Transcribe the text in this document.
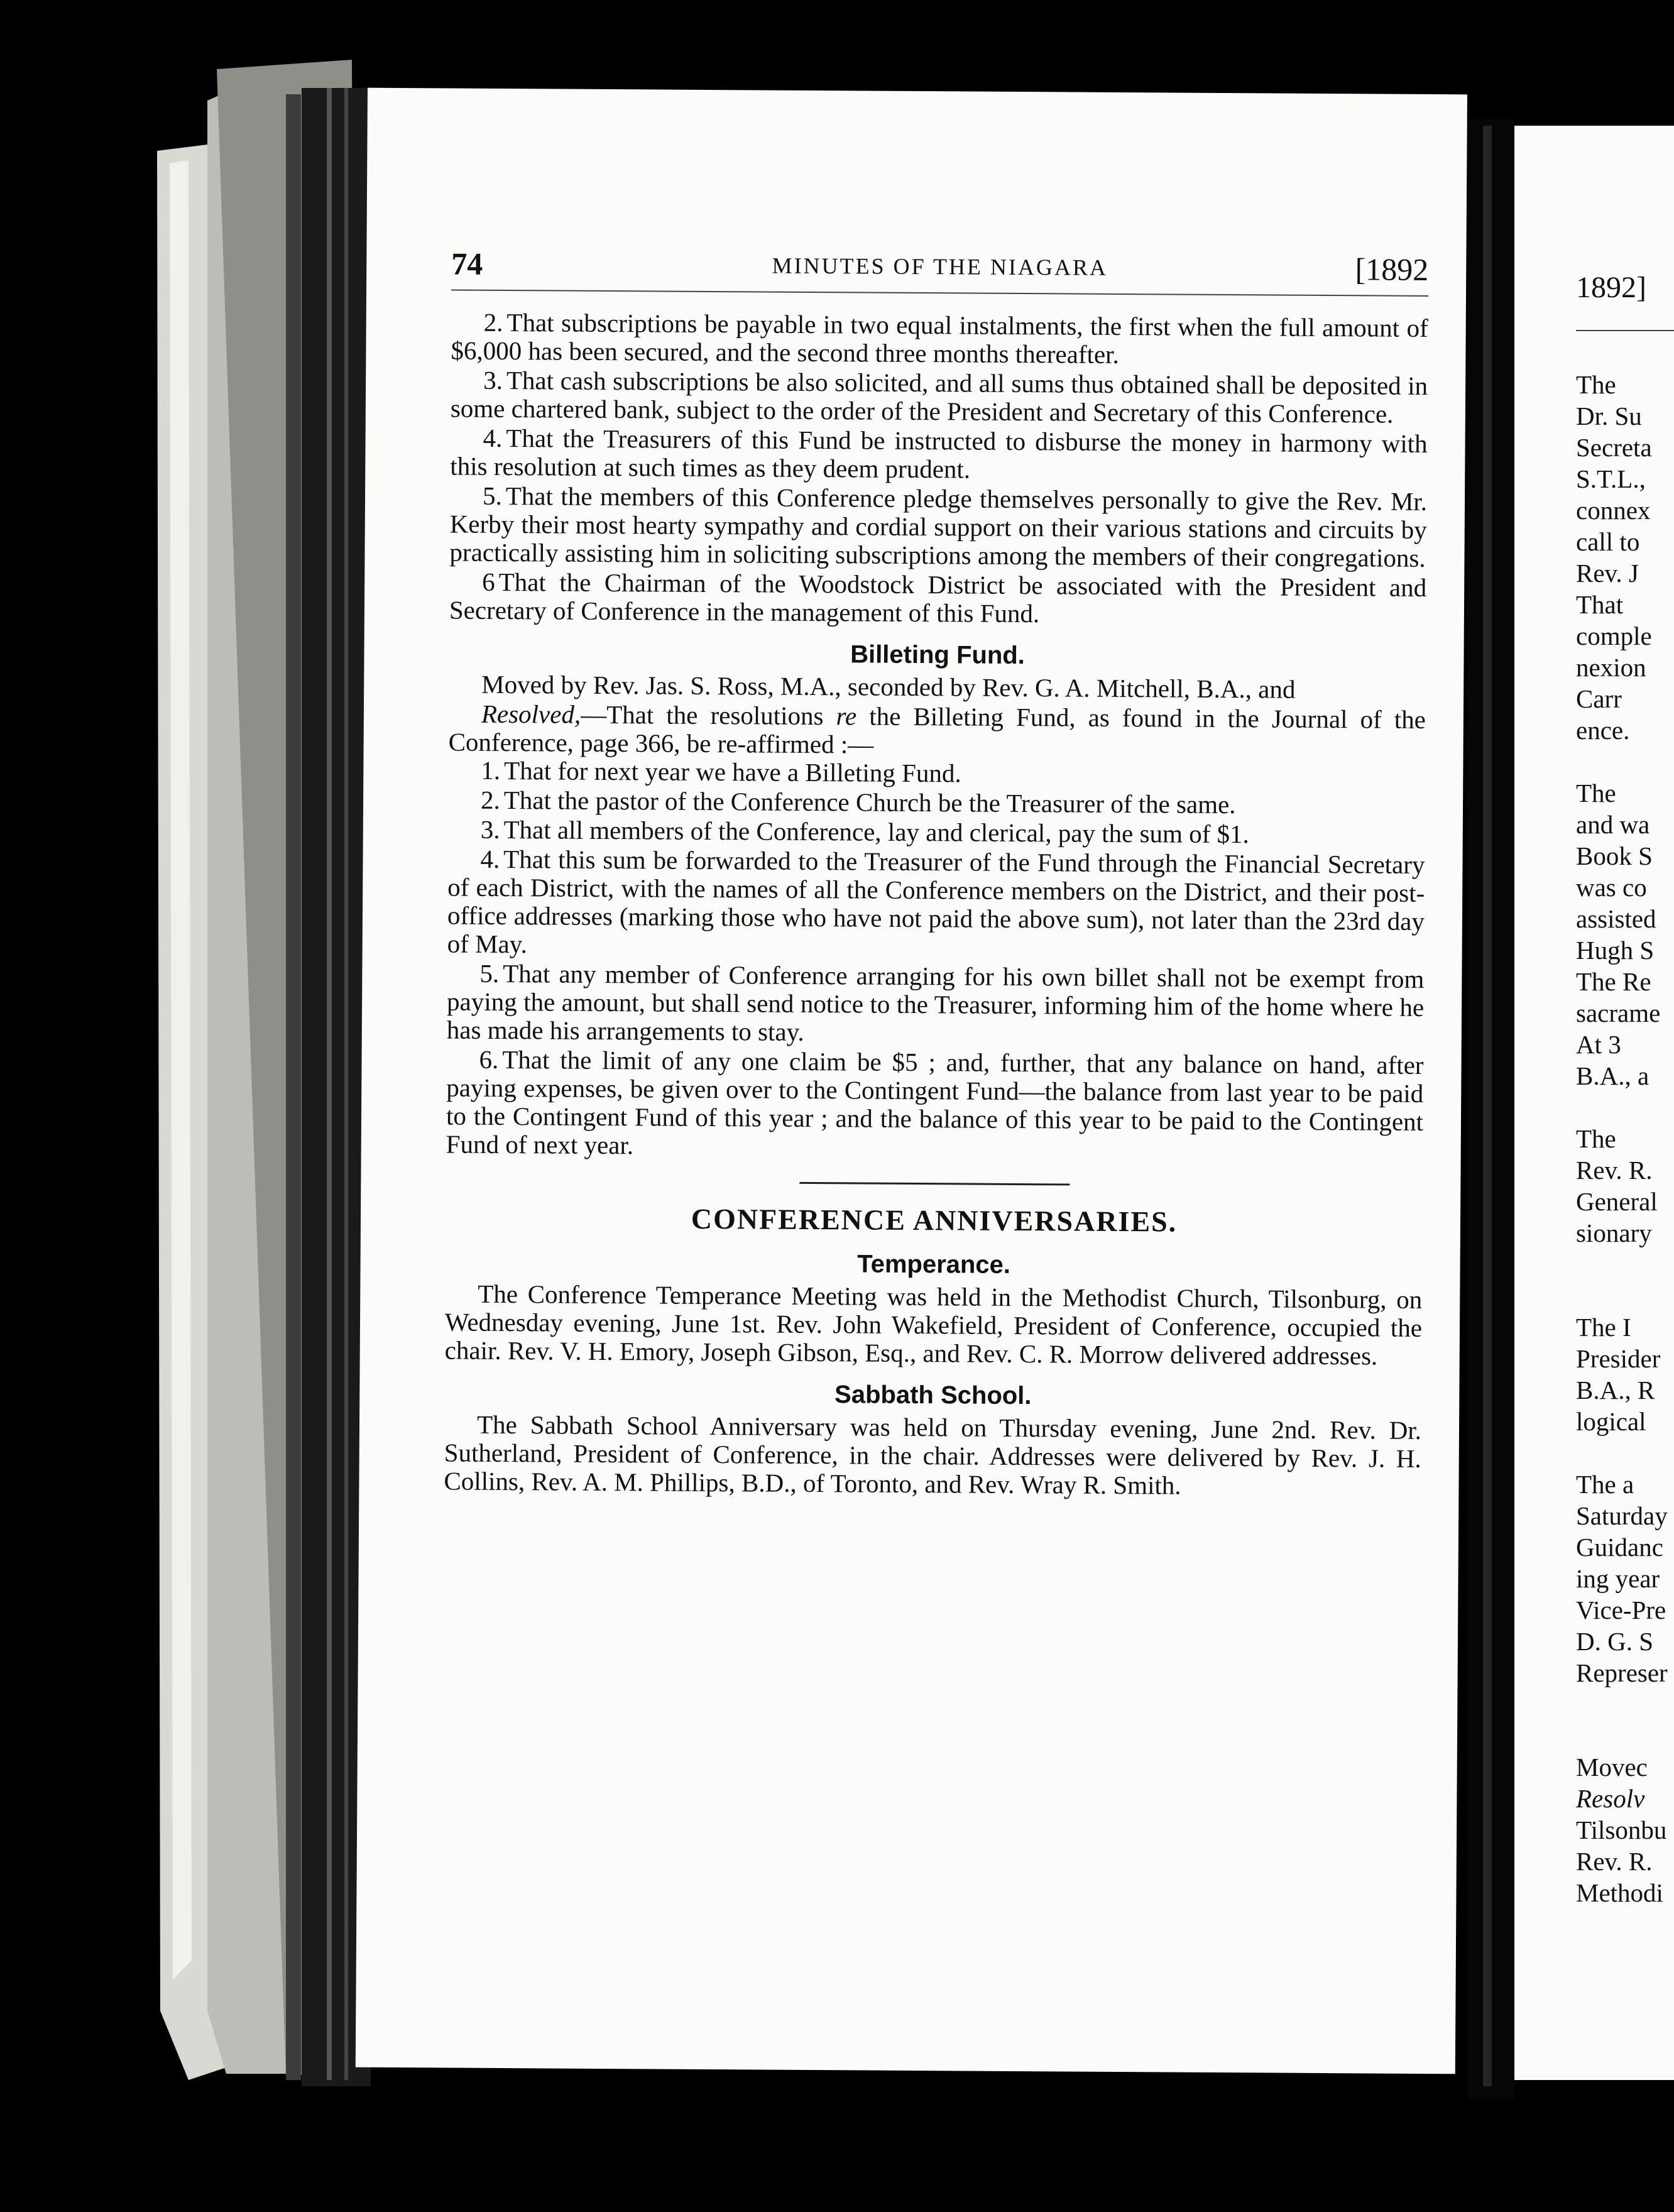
74	MINUTES OF THE NIAGARA	[1892

2. That subscriptions be payable in two equal instalments, the first when the full amount of $6,000 has been secured, and the second three months thereafter.

3. That cash subscriptions be also solicited, and all sums thus obtained shall be deposited in some chartered bank, subject to the order of the President and Secretary of this Conference.

4. That the Treasurers of this Fund be instructed to disburse the money in harmony with this resolution at such times as they deem prudent.

5. That the members of this Conference pledge themselves personally to give the Rev. Mr. Kerby their most hearty sympathy and cordial support on their various stations and circuits by practically assisting him in soliciting subscriptions among the members of their congregations.

6 That the Chairman of the Woodstock District be associated with the President and Secretary of Conference in the management of this Fund.

Billeting Fund.

Moved by Rev. Jas. S. Ross, M.A., seconded by Rev. G. A. Mitchell, B.A., and

Resolved,—That the resolutions re the Billeting Fund, as found in the Journal of the Conference, page 366, be re-affirmed :—

1. That for next year we have a Billeting Fund.

2. That the pastor of the Conference Church be the Treasurer of the same.

3. That all members of the Conference, lay and clerical, pay the sum of $1.

4. That this sum be forwarded to the Treasurer of the Fund through the Financial Secretary of each District, with the names of all the Conference members on the District, and their post-office addresses (marking those who have not paid the above sum), not later than the 23rd day of May.

5. That any member of Conference arranging for his own billet shall not be exempt from paying the amount, but shall send notice to the Treasurer, informing him of the home where he has made his arrangements to stay.

6. That the limit of any one claim be $5 ; and, further, that any balance on hand, after paying expenses, be given over to the Contingent Fund—the balance from last year to be paid to the Contingent Fund of this year ; and the balance of this year to be paid to the Contingent Fund of next year.

CONFERENCE ANNIVERSARIES.
Temperance.

The Conference Temperance Meeting was held in the Methodist Church, Tilsonburg, on Wednesday evening, June 1st. Rev. John Wakefield, President of Conference, occupied the chair. Rev. V. H. Emory, Joseph Gibson, Esq., and Rev. C. R. Morrow delivered addresses.

Sabbath School.

The Sabbath School Anniversary was held on Thursday evening, June 2nd. Rev. Dr. Sutherland, President of Conference, in the chair. Addresses were delivered by Rev. J. H. Collins, Rev. A. M. Phillips, B.D., of Toronto, and Rev. Wray R. Smith.

1892]

The

Dr. Su

Secreta

S.T.L.,

connex

call to

Rev. J

That

comple

nexion

Carr

ence.

The

and wa

Book S

was co

assisted

Hugh S

The Re

sacrame

At 3

B.A., a

The

Rev. R.

General

sionary

The I

Presider

B.A., R

logical

The a

Saturday

Guidanc

ing year

Vice-Pre

D. G. S

Represer

Movec

Resolv

Tilsonbu

Rev. R.

Methodi
